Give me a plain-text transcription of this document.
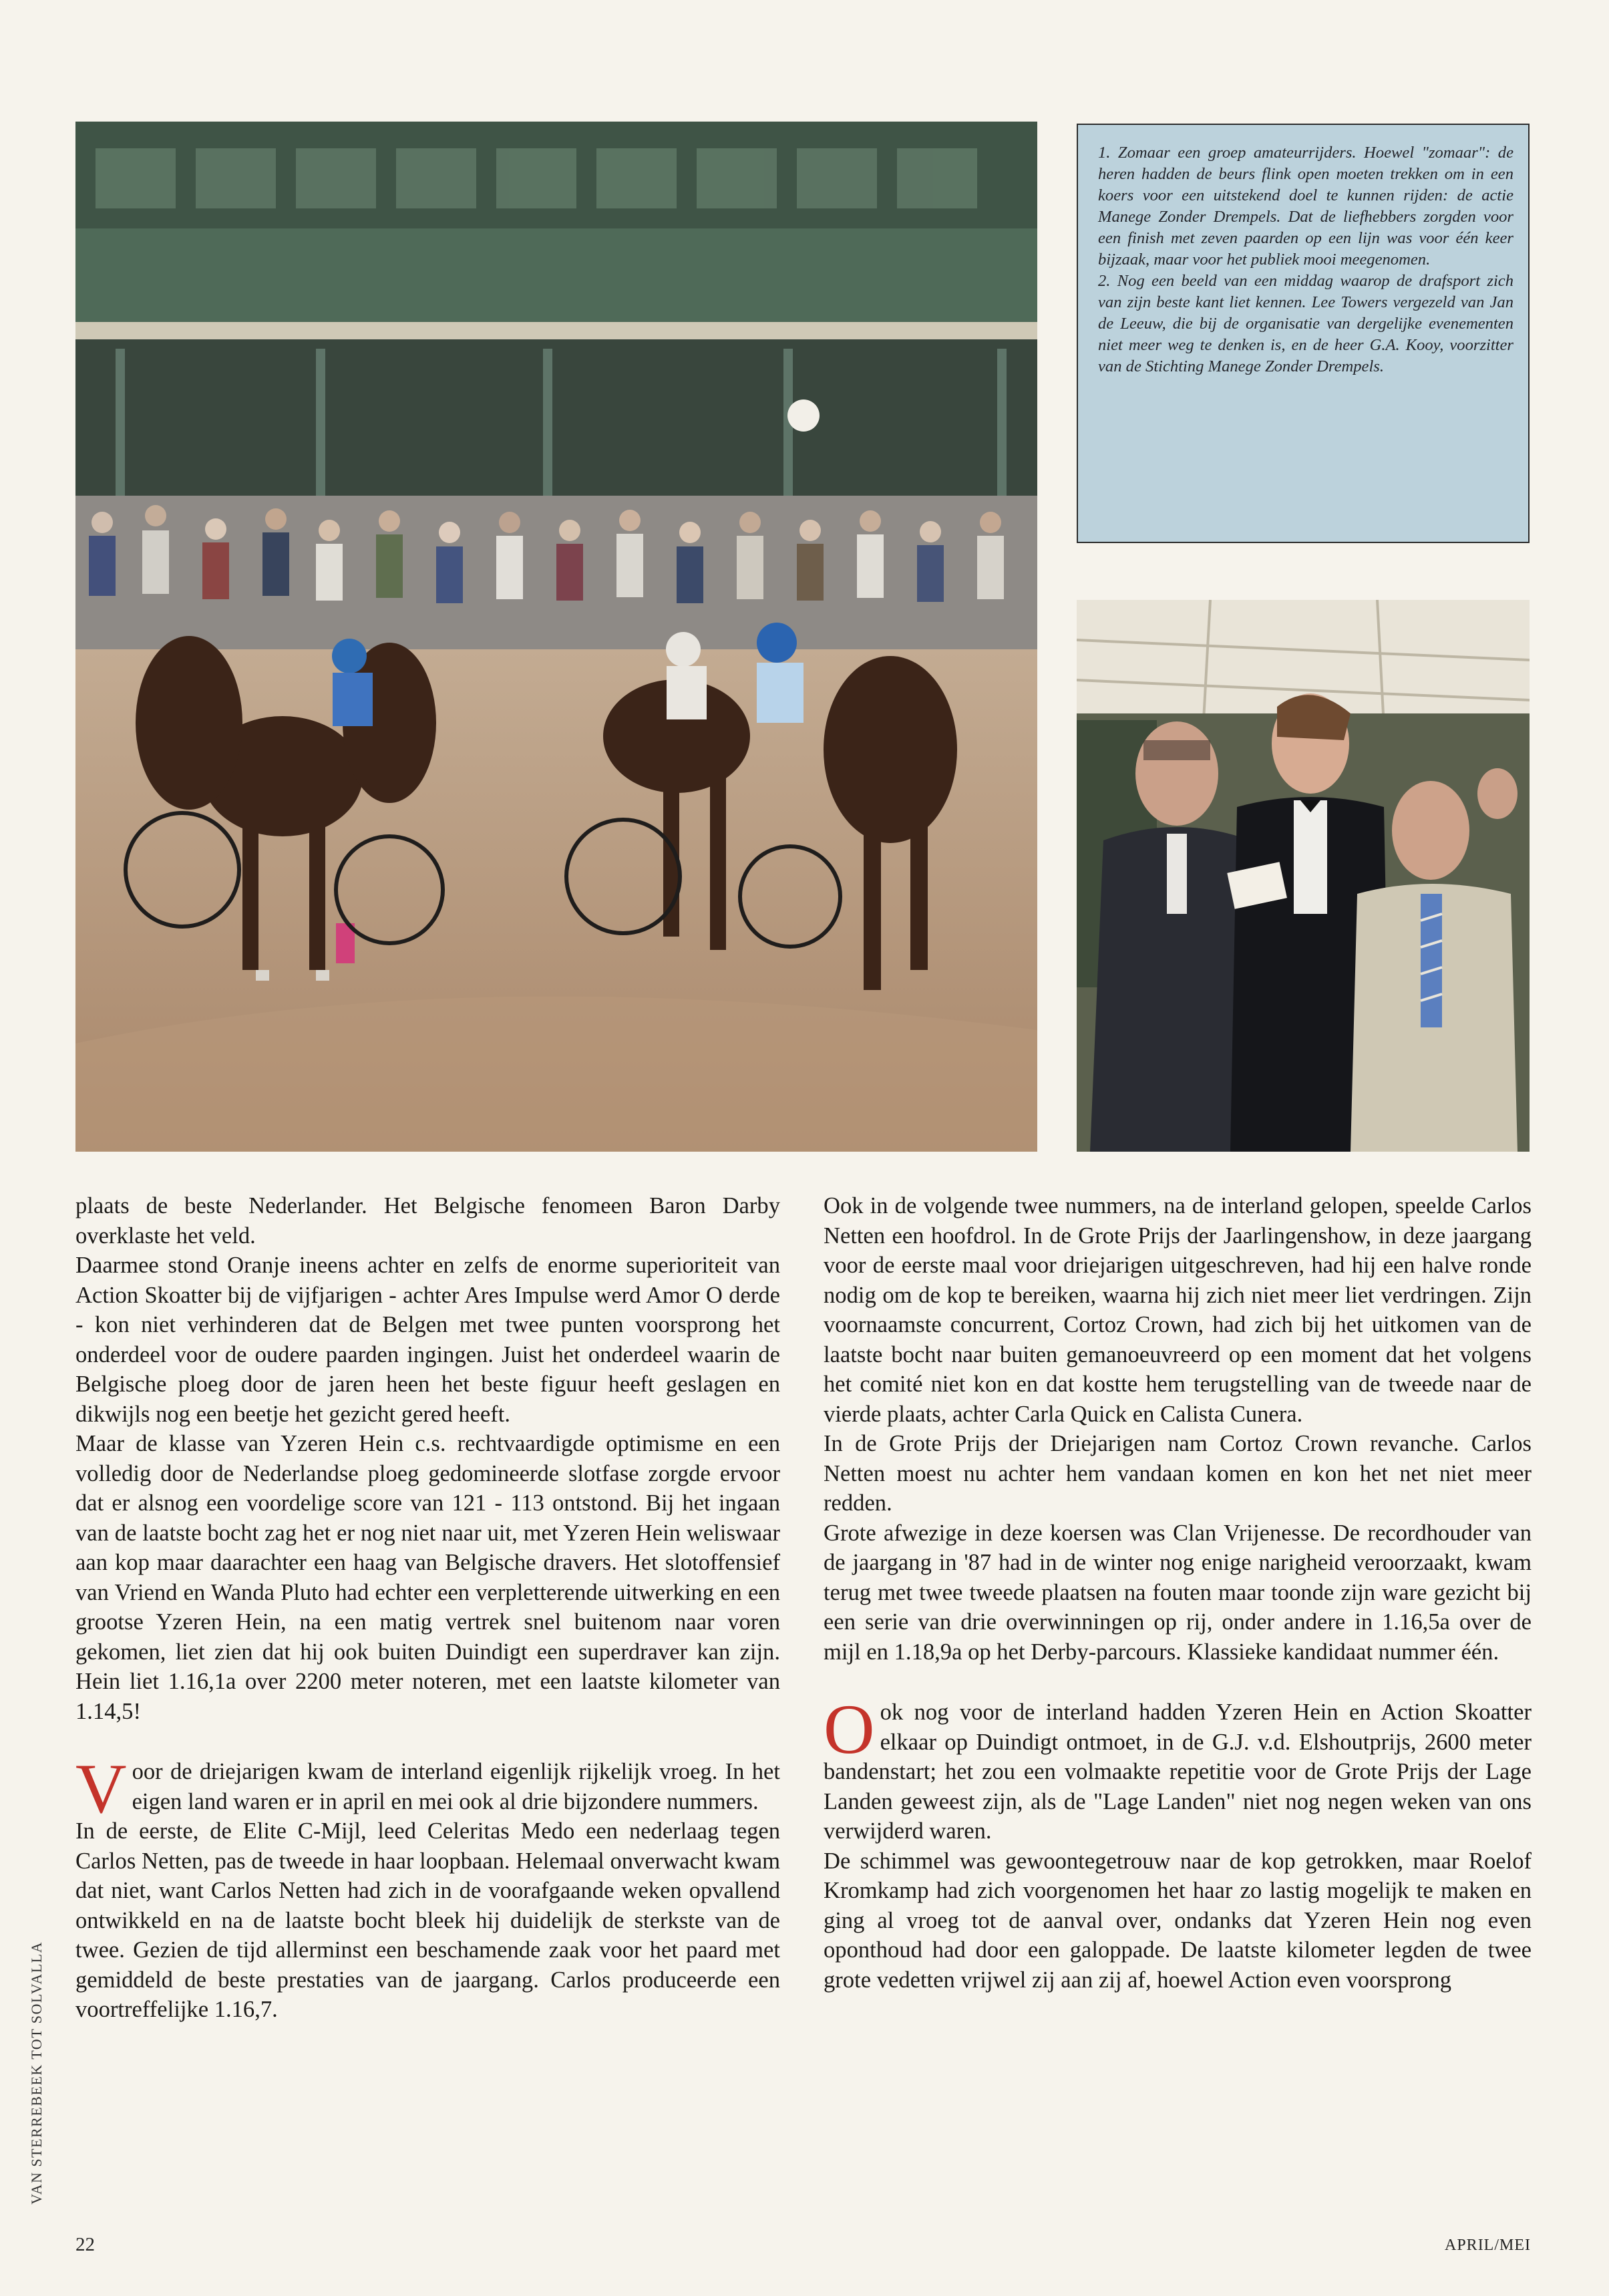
1. Zomaar een groep amateurrijders. Hoewel "zomaar": de heren hadden de beurs flink open moeten trekken om in een koers voor een uitstekend doel te kunnen rijden: de actie Manege Zonder Drempels. Dat de liefhebbers zorgden voor een finish met zeven paarden op een lijn was voor één keer bijzaak, maar voor het publiek mooi meegenomen.

2. Nog een beeld van een middag waarop de drafsport zich van zijn beste kant liet kennen. Lee Towers vergezeld van Jan de Leeuw, die bij de organisatie van dergelijke evenementen niet meer weg te denken is, en de heer G.A. Kooy, voorzitter van de Stichting Manege Zonder Drempels.

plaats de beste Nederlander. Het Belgische fenomeen Baron Darby overklaste het veld.

Daarmee stond Oranje ineens achter en zelfs de enorme superioriteit van Action Skoatter bij de vijfjarigen - achter Ares Impulse werd Amor O derde - kon niet verhinderen dat de Belgen met twee punten voorsprong het onderdeel voor de oudere paarden ingingen. Juist het onderdeel waarin de Belgische ploeg door de jaren heen het beste figuur heeft geslagen en dikwijls nog een beetje het gezicht gered heeft.

Maar de klasse van Yzeren Hein c.s. rechtvaardigde optimisme en een volledig door de Nederlandse ploeg gedomineerde slotfase zorgde ervoor dat er alsnog een voordelige score van 121 - 113 ontstond. Bij het ingaan van de laatste bocht zag het er nog niet naar uit, met Yzeren Hein weliswaar aan kop maar daarachter een haag van Belgische dravers. Het slotoffensief van Vriend en Wanda Pluto had echter een verpletterende uitwerking en een grootse Yzeren Hein, na een matig vertrek snel buitenom naar voren gekomen, liet zien dat hij ook buiten Duindigt een superdraver kan zijn. Hein liet 1.16,1a over 2200 meter noteren, met een laatste kilometer van 1.14,5!

Voor de driejarigen kwam de interland eigenlijk rijkelijk vroeg. In het eigen land waren er in april en mei ook al drie bijzondere nummers.

In de eerste, de Elite C-Mijl, leed Celeritas Medo een nederlaag tegen Carlos Netten, pas de tweede in haar loopbaan. Helemaal onverwacht kwam dat niet, want Carlos Netten had zich in de voorafgaande weken opvallend ontwikkeld en na de laatste bocht bleek hij duidelijk de sterkste van de twee. Gezien de tijd allerminst een beschamende zaak voor het paard met gemiddeld de beste prestaties van de jaargang. Carlos produceerde een voortreffelijke 1.16,7.

Ook in de volgende twee nummers, na de interland gelopen, speelde Carlos Netten een hoofdrol. In de Grote Prijs der Jaarlingenshow, in deze jaargang voor de eerste maal voor driejarigen uitgeschreven, had hij een halve ronde nodig om de kop te bereiken, waarna hij zich niet meer liet verdringen. Zijn voornaamste concurrent, Cortoz Crown, had zich bij het uitkomen van de laatste bocht naar buiten gemanoeuvreerd op een moment dat het volgens het comité niet kon en dat kostte hem terugstelling van de tweede naar de vierde plaats, achter Carla Quick en Calista Cunera.

In de Grote Prijs der Driejarigen nam Cortoz Crown revanche. Carlos Netten moest nu achter hem vandaan komen en kon het net niet meer redden.

Grote afwezige in deze koersen was Clan Vrijenesse. De recordhouder van de jaargang in '87 had in de winter nog enige narigheid veroorzaakt, kwam terug met twee tweede plaatsen na fouten maar toonde zijn ware gezicht bij een serie van drie overwinningen op rij, onder andere in 1.16,5a over de mijl en 1.18,9a op het Derby-parcours. Klassieke kandidaat nummer één.

Ook nog voor de interland hadden Yzeren Hein en Action Skoatter elkaar op Duindigt ontmoet, in de G.J. v.d. Elshoutprijs, 2600 meter bandenstart; het zou een volmaakte repetitie voor de Grote Prijs der Lage Landen geweest zijn, als de "Lage Landen" niet nog negen weken van ons verwijderd waren.

De schimmel was gewoontegetrouw naar de kop getrokken, maar Roelof Kromkamp had zich voorgenomen het haar zo lastig mogelijk te maken en ging al vroeg tot de aanval over, ondanks dat Yzeren Hein nog even oponthoud had door een galoppade. De laatste kilometer legden de twee grote vedetten vrijwel zij aan zij af, hoewel Action even voorsprong

VAN STERREBEEK TOT SOLVALLA
22	APRIL/MEI
